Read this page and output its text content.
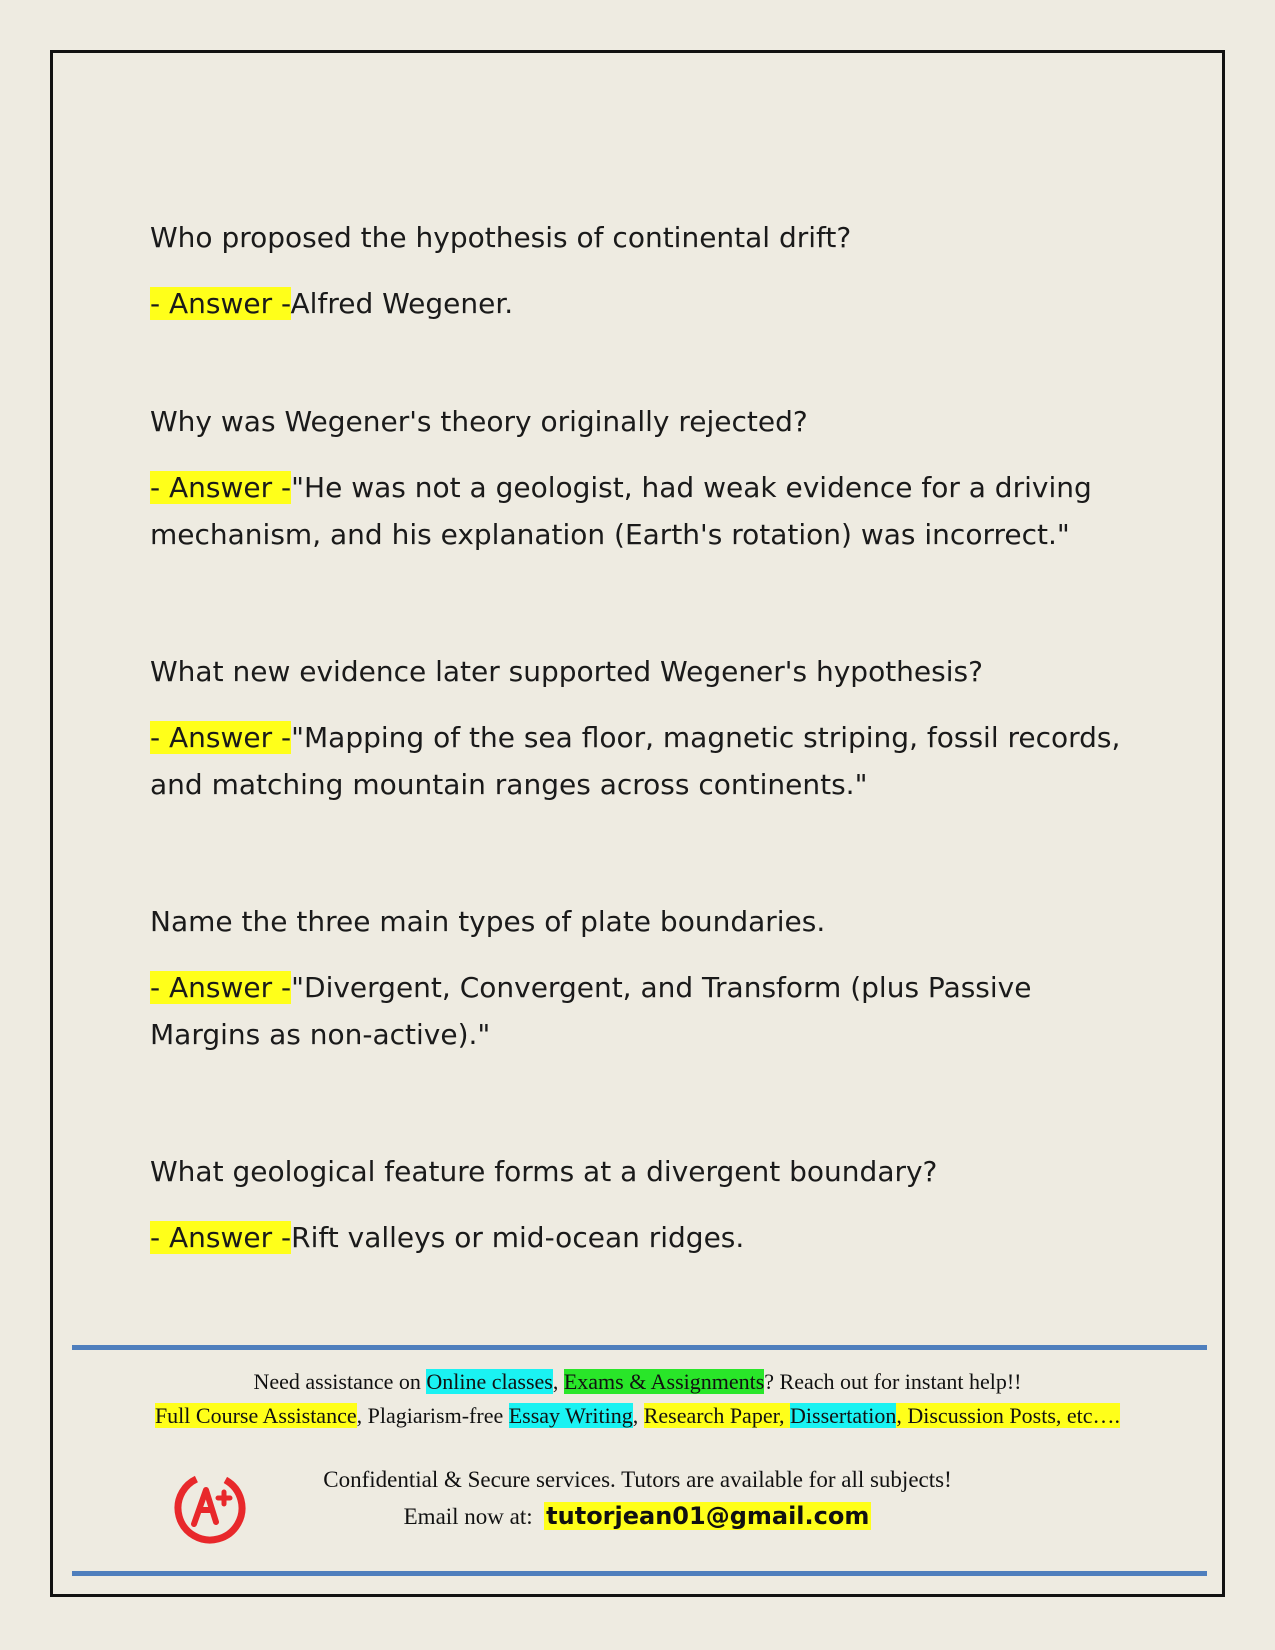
Who proposed the hypothesis of continental drift?

- Answer -Alfred Wegener.

Why was Wegener's theory originally rejected?

- Answer -"He was not a geologist, had weak evidence for a driving mechanism, and his explanation (Earth's rotation) was incorrect."

What new evidence later supported Wegener's hypothesis?

- Answer -"Mapping of the sea floor, magnetic striping, fossil records, and matching mountain ranges across continents."

Name the three main types of plate boundaries.

- Answer -"Divergent, Convergent, and Transform (plus Passive Margins as non-active)."

What geological feature forms at a divergent boundary?

- Answer -Rift valleys or mid-ocean ridges.

Need assistance on Online classes, Exams & Assignments? Reach out for instant help!!
Full Course Assistance, Plagiarism-free Essay Writing, Research Paper, Dissertation, Discussion Posts, etc….
Confidential & Secure services. Tutors are available for all subjects!
Email now at:  tutorjean01@gmail.com
